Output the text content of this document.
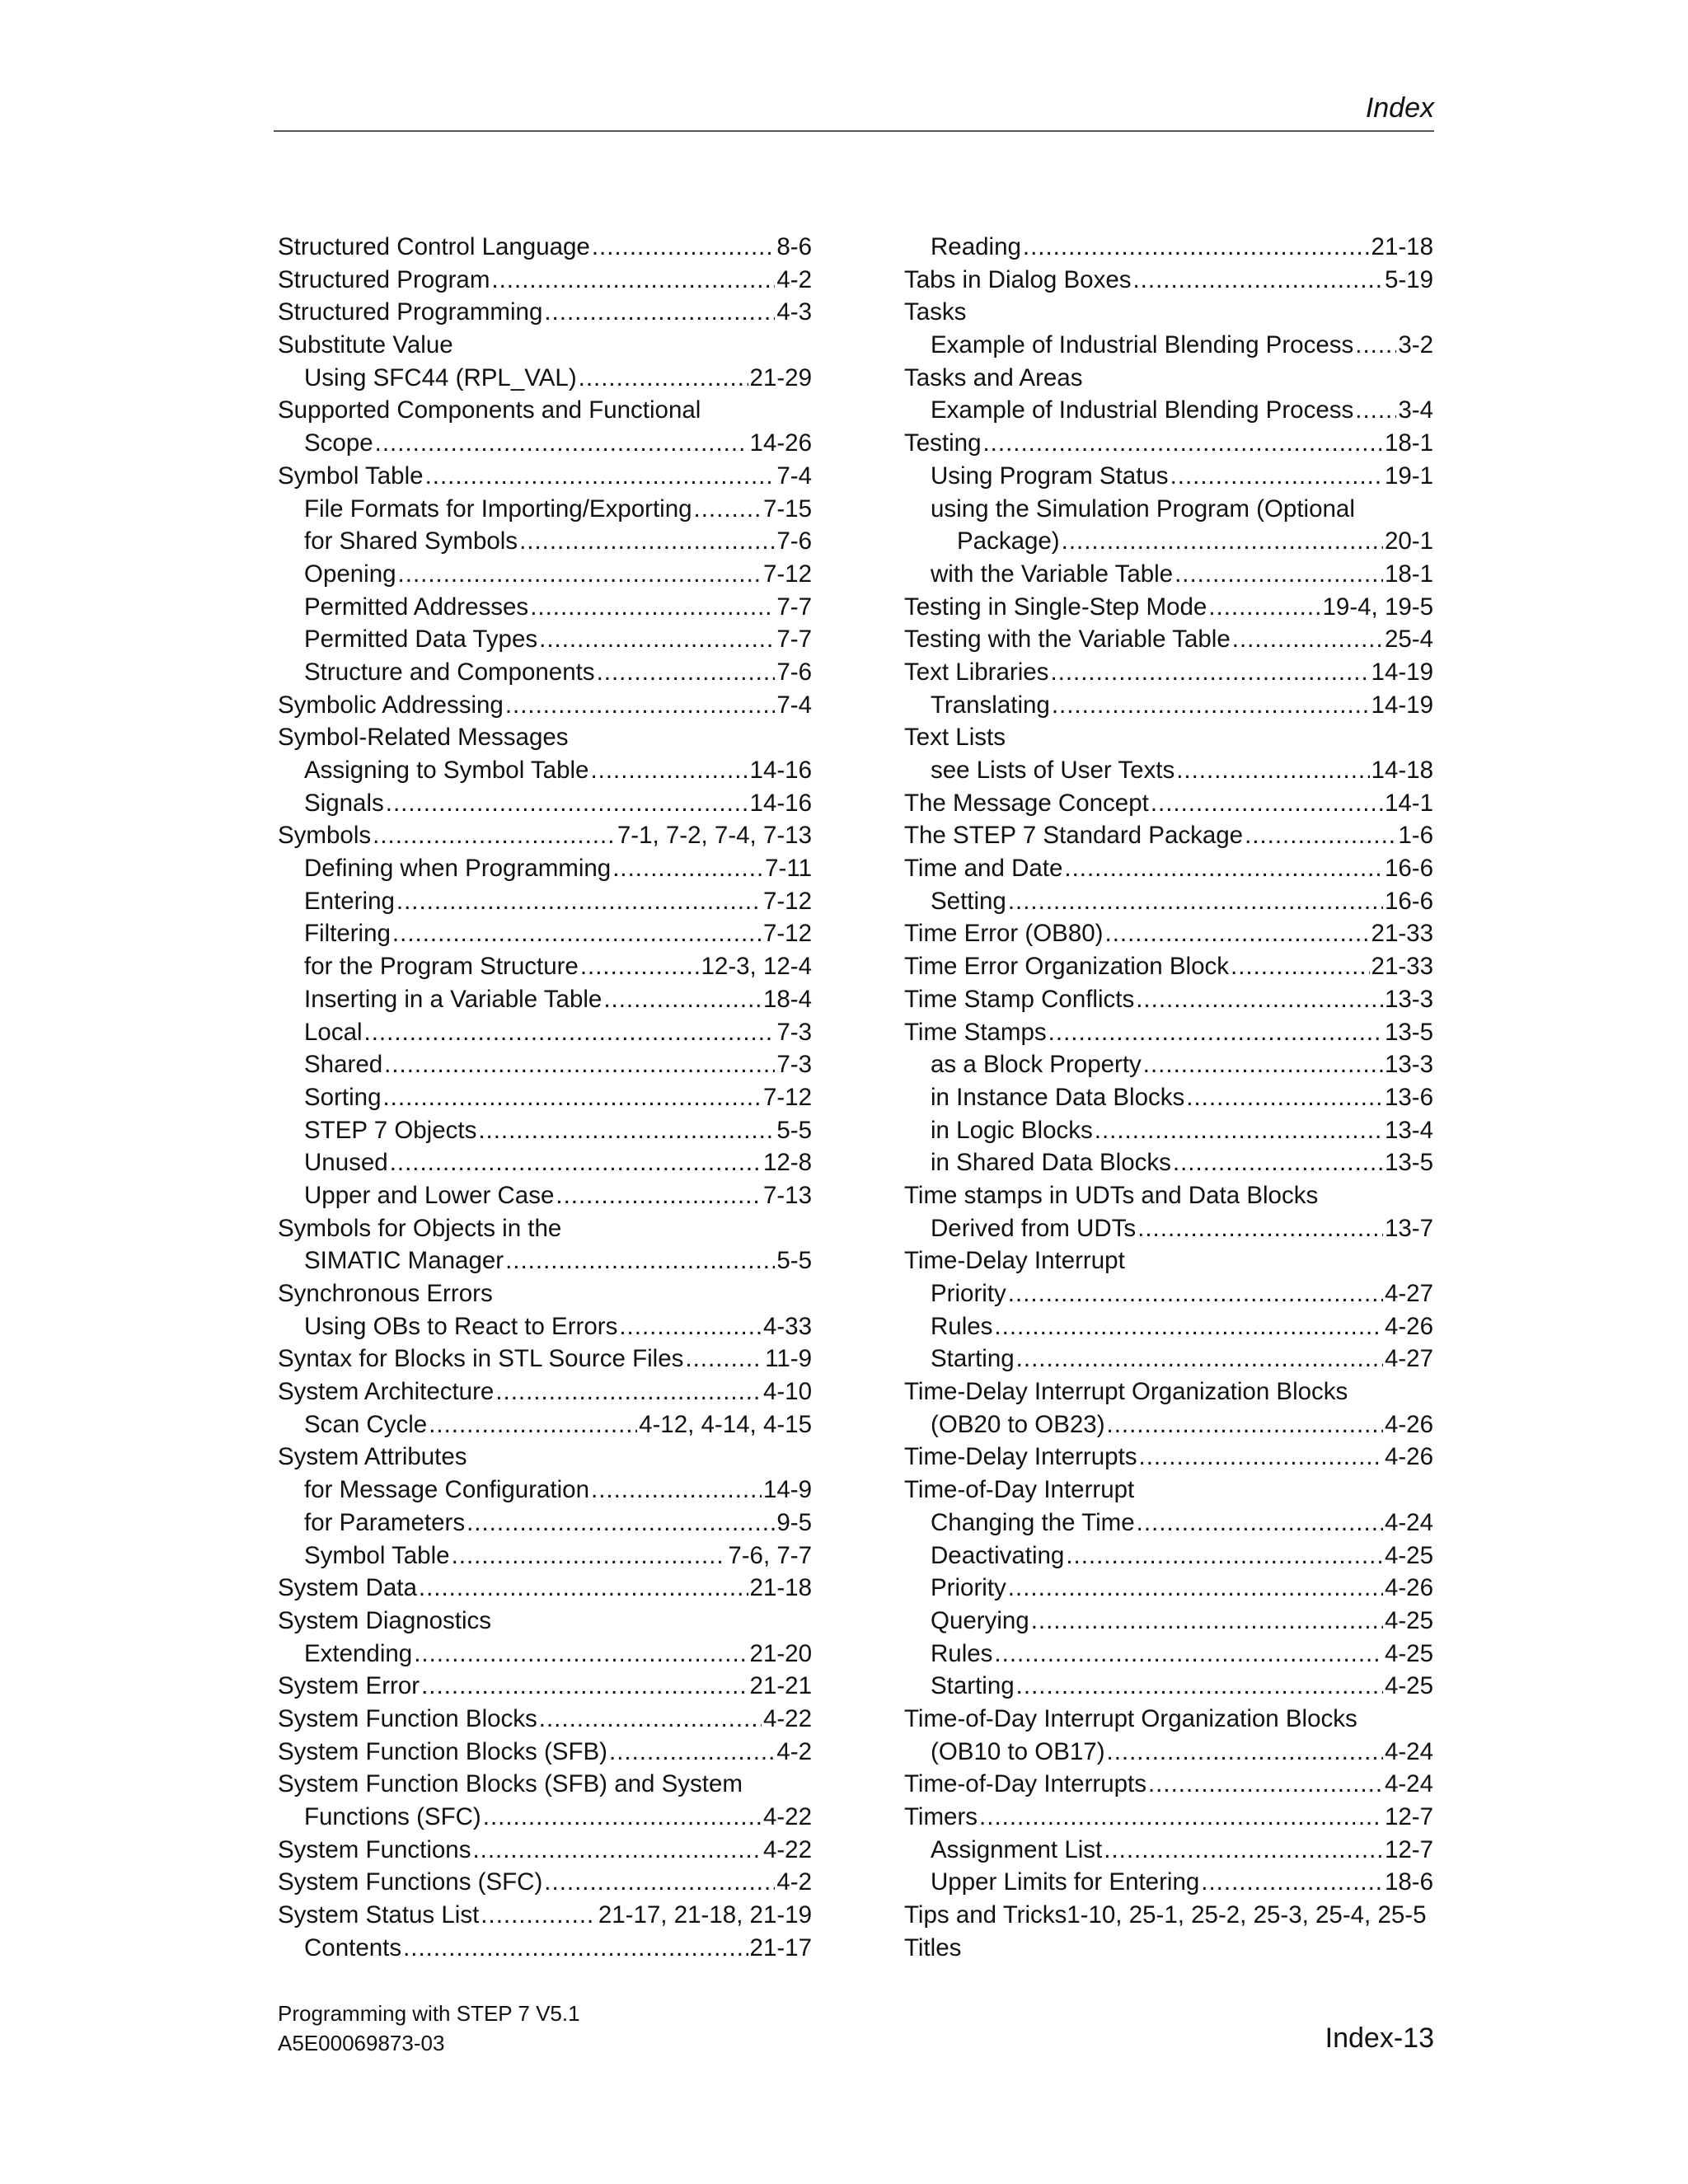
Index
Structured Control Language .....	8-6
Structured Program .....	4-2
Structured Programming .....	4-3
Substitute Value
Using SFC44 (RPL_VAL) .....	21-29
Supported Components and Functional
Scope .....	14-26
Symbol Table .....	7-4
File Formats for Importing/Exporting .....	7-15
for Shared Symbols .....	7-6
Opening .....	7-12
Permitted Addresses .....	7-7
Permitted Data Types .....	7-7
Structure and Components .....	7-6
Symbolic Addressing .....	7-4
Symbol-Related Messages
Assigning to Symbol Table .....	14-16
Signals .....	14-16
Symbols .....	7-1, 7-2, 7-4, 7-13
Defining when Programming .....	7-11
Entering .....	7-12
Filtering .....	7-12
for the Program Structure .....	12-3, 12-4
Inserting in a Variable Table .....	18-4
Local .....	7-3
Shared .....	7-3
Sorting .....	7-12
STEP 7 Objects .....	5-5
Unused .....	12-8
Upper and Lower Case .....	7-13
Symbols for Objects in the
SIMATIC Manager .....	5-5
Synchronous Errors
Using OBs to React to Errors .....	4-33
Syntax for Blocks in STL Source Files .....	11-9
System Architecture .....	4-10
Scan Cycle .....	4-12, 4-14, 4-15
System Attributes
for Message Configuration .....	14-9
for Parameters .....	9-5
Symbol Table .....	7-6, 7-7
System Data .....	21-18
System Diagnostics
Extending .....	21-20
System Error .....	21-21
System Function Blocks .....	4-22
System Function Blocks (SFB) .....	4-2
System Function Blocks (SFB) and System
Functions (SFC) .....	4-22
System Functions .....	4-22
System Functions (SFC) .....	4-2
System Status List .....	21-17, 21-18, 21-19
Contents .....	21-17
Reading .....	21-18
Tabs in Dialog Boxes .....	5-19
Tasks
Example of Industrial Blending Process ..... 3-2
Tasks and Areas
Example of Industrial Blending Process ..... 3-4
Testing .....	18-1
Using Program Status .....	19-1
using the Simulation Program (Optional
Package) .....	20-1
with the Variable Table .....	18-1
Testing in Single-Step Mode .....	19-4, 19-5
Testing with the Variable Table .....	25-4
Text Libraries .....	14-19
Translating .....	14-19
Text Lists
see Lists of User Texts .....	14-18
The Message Concept .....	14-1
The STEP 7 Standard Package .....	1-6
Time and Date .....	16-6
Setting .....	16-6
Time Error (OB80) .....	21-33
Time Error Organization Block .....	21-33
Time Stamp Conflicts .....	13-3
Time Stamps .....	13-5
as a Block Property .....	13-3
in Instance Data Blocks .....	13-6
in Logic Blocks .....	13-4
in Shared Data Blocks .....	13-5
Time stamps in UDTs and Data Blocks
Derived from UDTs .....	13-7
Time-Delay Interrupt
Priority .....	4-27
Rules .....	4-26
Starting .....	4-27
Time-Delay Interrupt Organization Blocks
(OB20 to OB23) .....	4-26
Time-Delay Interrupts .....	4-26
Time-of-Day Interrupt
Changing the Time .....	4-24
Deactivating .....	4-25
Priority .....	4-26
Querying .....	4-25
Rules .....	4-25
Starting .....	4-25
Time-of-Day Interrupt Organization Blocks
(OB10 to OB17) .....	4-24
Time-of-Day Interrupts .....	4-24
Timers .....	12-7
Assignment List .....	12-7
Upper Limits for Entering .....	18-6
Tips and Tricks1-10, 25-1, 25-2, 25-3, 25-4, 25-5
Titles
Programming with STEP 7 V5.1
A5E00069873-03	Index-13
